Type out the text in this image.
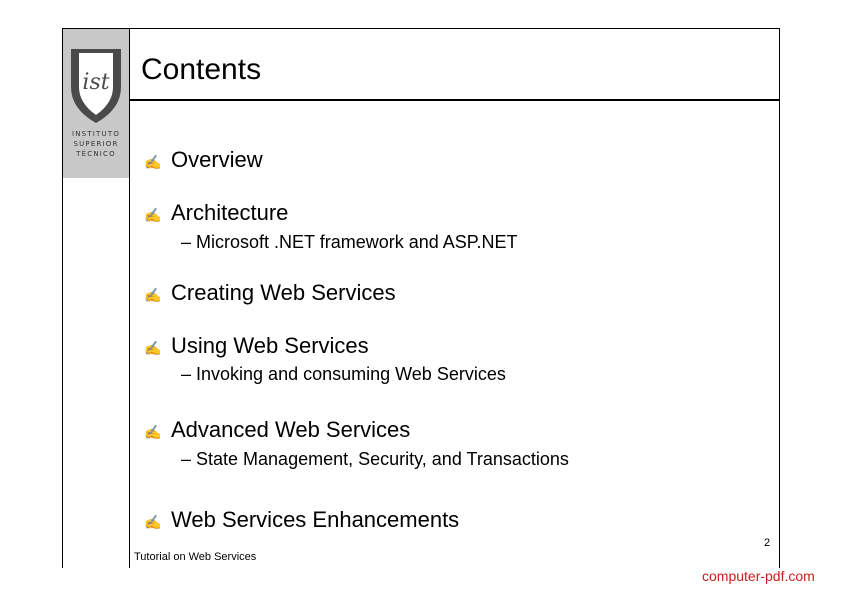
ist
INSTITUTO
SUPERIOR
TÉCNICO
Contents
✍ Overview
✍ Architecture
– Microsoft .NET framework and ASP.NET
✍ Creating Web Services
✍ Using Web Services
– Invoking and consuming Web Services
✍ Advanced Web Services
– State Management, Security, and Transactions
✍ Web Services Enhancements
2
Tutorial on Web Services
computer-pdf.com
